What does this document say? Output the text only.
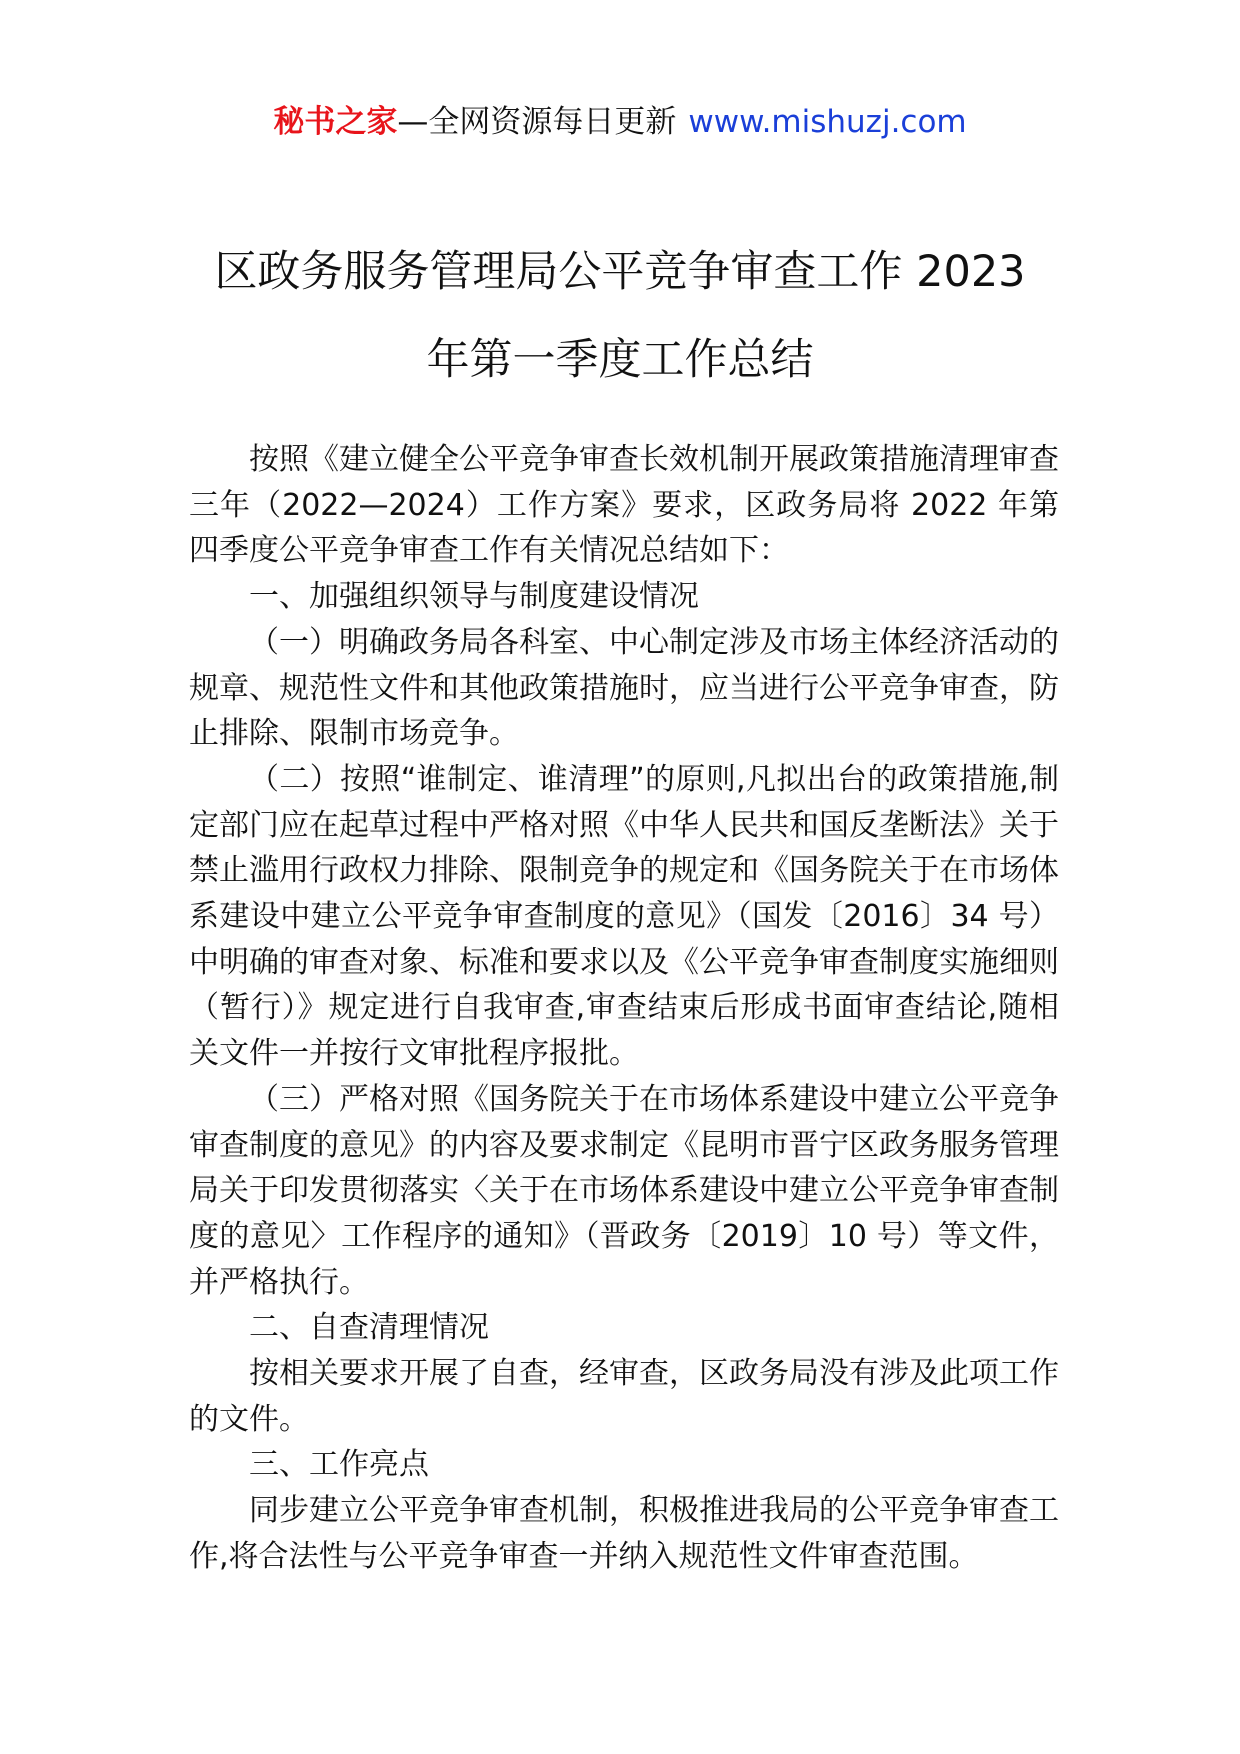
秘书之家—全网资源每日更新 www.mishuzj.com
区政务服务管理局公平竞争审查工作 2023
年第一季度工作总结

按照《建立健全公平竞争审查长效机制开展政策措施清理审查三年（2022—2024）工作方案》要求，区政务局将 2022 年第四季度公平竞争审查工作有关情况总结如下：

一、加强组织领导与制度建设情况

（一）明确政务局各科室、中心制定涉及市场主体经济活动的规章、规范性文件和其他政策措施时，应当进行公平竞争审查，防止排除、限制市场竞争。

（二）按照“谁制定、谁清理”的原则,凡拟出台的政策措施,制定部门应在起草过程中严格对照《中华人民共和国反垄断法》关于禁止滥用行政权力排除、限制竞争的规定和《国务院关于在市场体系建设中建立公平竞争审查制度的意见》（国发〔2016〕34 号）中明确的审查对象、标准和要求以及《公平竞争审查制度实施细则（暂行）》规定进行自我审查,审查结束后形成书面审查结论,随相关文件一并按行文审批程序报批。

（三）严格对照《国务院关于在市场体系建设中建立公平竞争审查制度的意见》的内容及要求制定《昆明市晋宁区政务服务管理局关于印发贯彻落实〈关于在市场体系建设中建立公平竞争审查制度的意见〉工作程序的通知》（晋政务〔2019〕10 号）等文件，并严格执行。

二、自查清理情况

按相关要求开展了自查，经审查，区政务局没有涉及此项工作的文件。

三、工作亮点

同步建立公平竞争审查机制，积极推进我局的公平竞争审查工作,将合法性与公平竞争审查一并纳入规范性文件审查范围。
